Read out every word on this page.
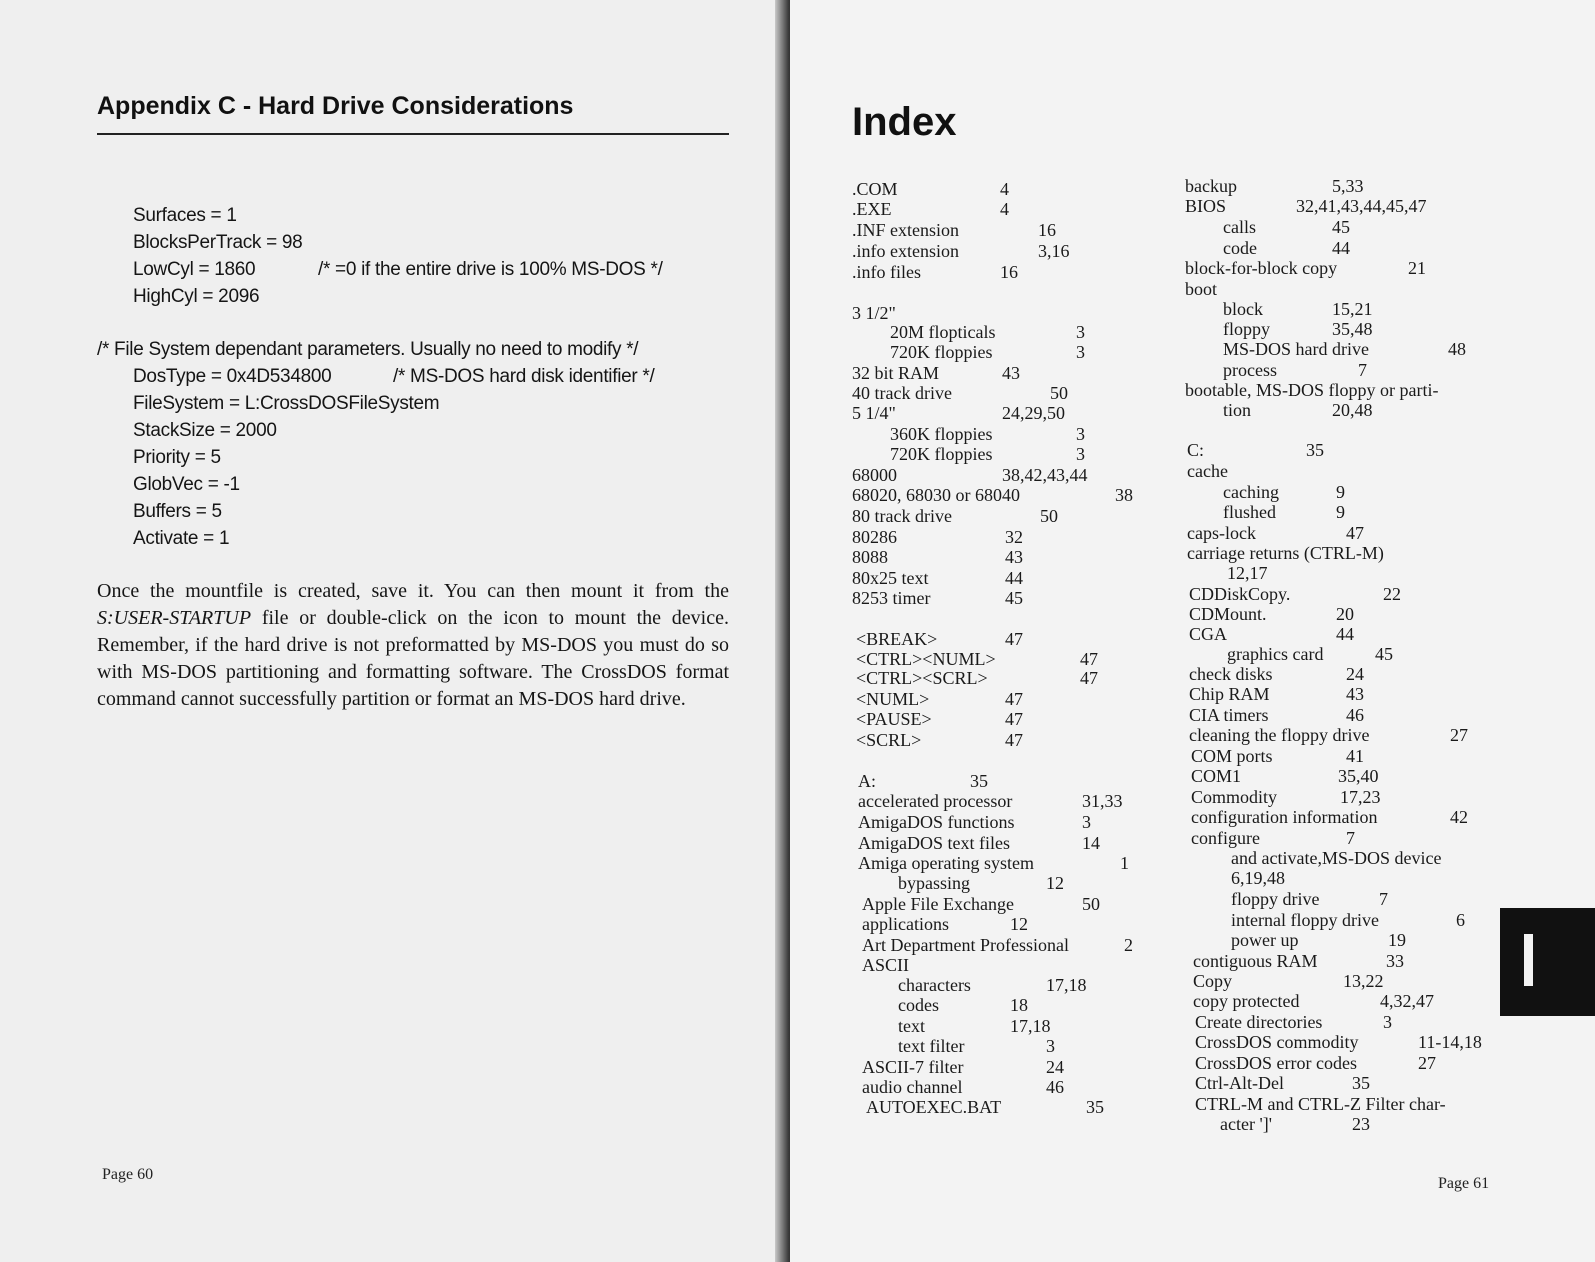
Appendix C - Hard Drive Considerations
Surfaces = 1
BlocksPerTrack = 98
LowCyl = 1860	/* =0 if the entire drive is 100% MS-DOS */
HighCyl = 2096
/* File System dependant parameters. Usually no need to modify */
DosType = 0x4D534800	/* MS-DOS hard disk identifier */
FileSystem = L:CrossDOSFileSystem
StackSize = 2000
Priority = 5
GlobVec = -1
Buffers = 5
Activate = 1

Once the mountfile is created, save it. You can then mount it from the S:USER-STARTUP file or double-click on the icon to mount the device. Remember, if the hard drive is not preformatted by MS-DOS you must do so with MS-DOS partitioning and formatting software. The CrossDOS format command cannot successfully partition or format an MS-DOS hard drive.

Page 60
Index
.COM	4
.EXE	4
.INF extension	16
.info extension	3,16
.info files	16
3 1/2"
20M flopticals	3
720K floppies	3
32 bit RAM	43
40 track drive	50
5 1/4"	24,29,50
360K floppies	3
720K floppies	3
68000	38,42,43,44
68020, 68030 or 68040	38
80 track drive	50
80286	32
8088	43
80x25 text	44
8253 timer	45
<BREAK>	47
<CTRL><NUML>	47
<CTRL><SCRL>	47
<NUML>	47
<PAUSE>	47
<SCRL>	47
A:	35
accelerated processor	31,33
AmigaDOS functions	3
AmigaDOS text files	14
Amiga operating system	1
bypassing	12
Apple File Exchange	50
applications	12
Art Department Professional	2
ASCII
characters	17,18
codes	18
text	17,18
text filter	3
ASCII-7 filter	24
audio channel	46
AUTOEXEC.BAT	35
backup	5,33
BIOS	32,41,43,44,45,47
calls	45
code	44
block-for-block copy	21
boot
block	15,21
floppy	35,48
MS-DOS hard drive	48
process	7
bootable, MS-DOS floppy or parti-
tion	20,48
C:	35
cache
caching	9
flushed	9
caps-lock	47
carriage returns (CTRL-M)
12,17
CDDiskCopy.	22
CDMount.	20
CGA	44
graphics card	45
check disks	24
Chip RAM	43
CIA timers	46
cleaning the floppy drive	27
COM ports	41
COM1	35,40
Commodity	17,23
configuration information	42
configure	7
and activate,MS-DOS device
6,19,48
floppy drive	7
internal floppy drive	6
power up	19
contiguous RAM	33
Copy	13,22
copy protected	4,32,47
Create directories	3
CrossDOS commodity	11-14,18
CrossDOS error codes	27
Ctrl-Alt-Del	35
CTRL-M and CTRL-Z Filter char-
acter ']'	23
Page 61
